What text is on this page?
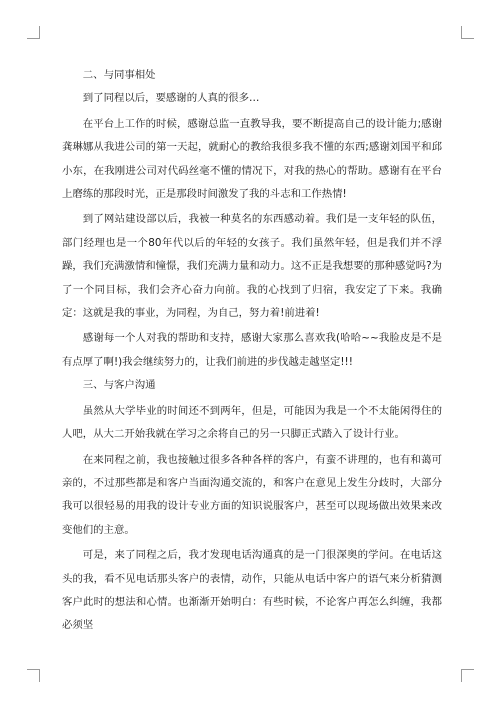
二、与同事相处

到了同程以后，要感谢的人真的很多…

在平台上工作的时候，感谢总监一直教导我，要不断提高自己的设计能力;感谢龚琳娜从我进公司的第一天起，就耐心的教给我很多我不懂的东西;感谢刘国平和邱小东，在我刚进公司对代码丝毫不懂的情况下，对我的热心的帮助。感谢有在平台上磨练的那段时光，正是那段时间激发了我的斗志和工作热情!

到了网站建设部以后，我被一种莫名的东西感动着。我们是一支年轻的队伍，部门经理也是一个80年代以后的年轻的女孩子。我们虽然年轻，但是我们并不浮躁，我们充满激情和憧憬，我们充满力量和动力。这不正是我想要的那种感觉吗?为了一个同目标，我们会齐心奋力向前。我的心找到了归宿，我安定了下来。我确定：这就是我的事业，为同程，为自己，努力着!前进着!

感谢每一个人对我的帮助和支持，感谢大家那么喜欢我(哈哈~~我脸皮是不是有点厚了啊!)我会继续努力的，让我们前进的步伐越走越坚定!!!

三、与客户沟通

虽然从大学毕业的时间还不到两年，但是，可能因为我是一个不太能闲得住的人吧，从大二开始我就在学习之余将自己的另一只脚正式踏入了设计行业。

在来同程之前，我也接触过很多各种各样的客户，有蛮不讲理的，也有和蔼可亲的，不过那些都是和客户当面沟通交流的，和客户在意见上发生分歧时，大部分我可以很轻易的用我的设计专业方面的知识说服客户，甚至可以现场做出效果来改变他们的主意。

可是，来了同程之后，我才发现电话沟通真的是一门很深奥的学问。在电话这头的我，看不见电话那头客户的表情，动作，只能从电话中客户的语气来分析猜测客户此时的想法和心情。也渐渐开始明白：有些时候，不论客户再怎么纠缠，我都必须坚
